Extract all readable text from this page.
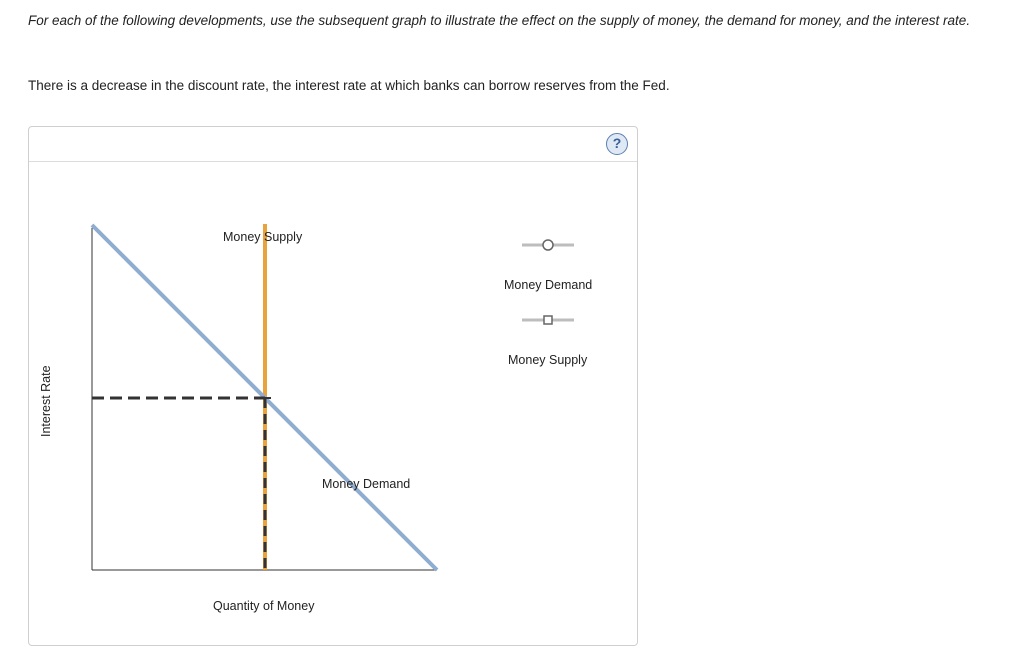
For each of the following developments, use the subsequent graph to illustrate the effect on the supply of money, the demand for money, and the interest rate.
There is a decrease in the discount rate, the interest rate at which banks can borrow reserves from the Fed.
?
Money Supply
Money Demand
Quantity of Money
Interest Rate
Money Demand
Money Supply
